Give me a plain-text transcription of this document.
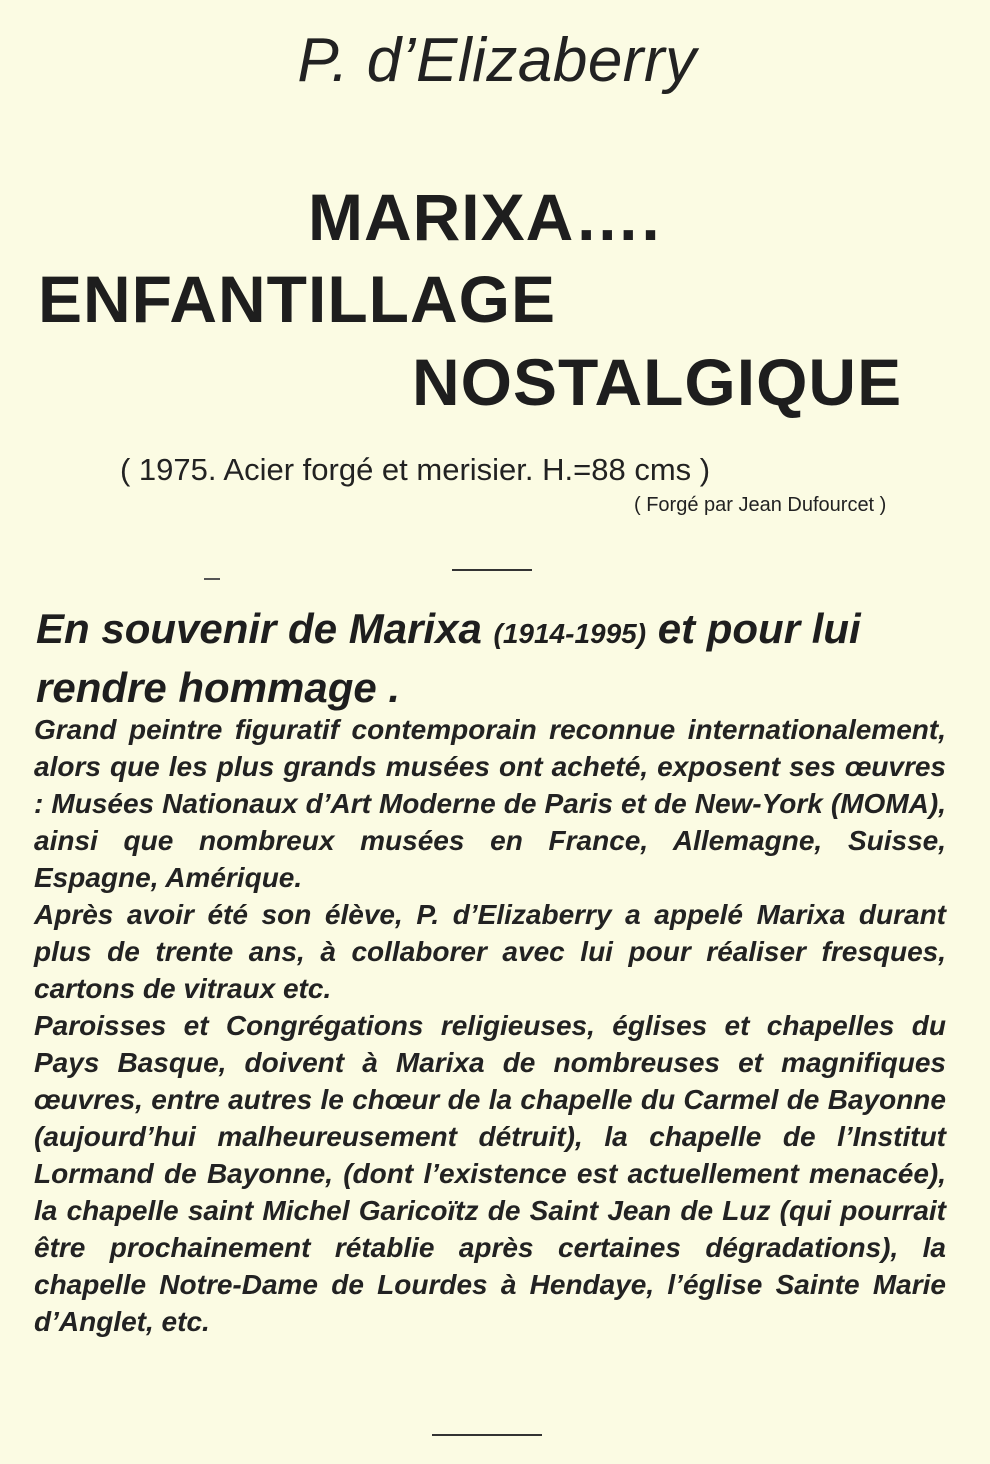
P. d’Elizaberry
MARIXA….
ENFANTILLAGE
NOSTALGIQUE
( 1975. Acier forgé et merisier. H.=88 cms )
( Forgé par Jean Dufourcet )
En souvenir de Marixa (1914-1995) et pour lui rendre hommage .

Grand peintre figuratif contemporain reconnue internationalement, alors que les plus grands musées ont acheté, exposent ses œuvres : Musées Nationaux d’Art Moderne de Paris et de New-York (MOMA), ainsi que nombreux musées en France, Allemagne, Suisse, Espagne, Amérique.

Après avoir été son élève, P. d’Elizaberry a appelé Marixa durant plus de trente ans, à collaborer avec lui pour réaliser fresques, cartons de vitraux etc.

Paroisses et Congrégations religieuses, églises et chapelles du Pays Basque, doivent à Marixa de nombreuses et magnifiques œuvres, entre autres le chœur de la chapelle du Carmel de Bayonne (aujourd’hui malheureusement détruit), la chapelle de l’Institut Lormand de Bayonne, (dont l’existence est actuellement menacée), la chapelle saint Michel Garicoïtz de Saint Jean de Luz (qui pourrait être prochainement rétablie après certaines dégradations), la chapelle Notre-Dame de Lourdes à Hendaye, l’église Sainte Marie d’Anglet, etc.
